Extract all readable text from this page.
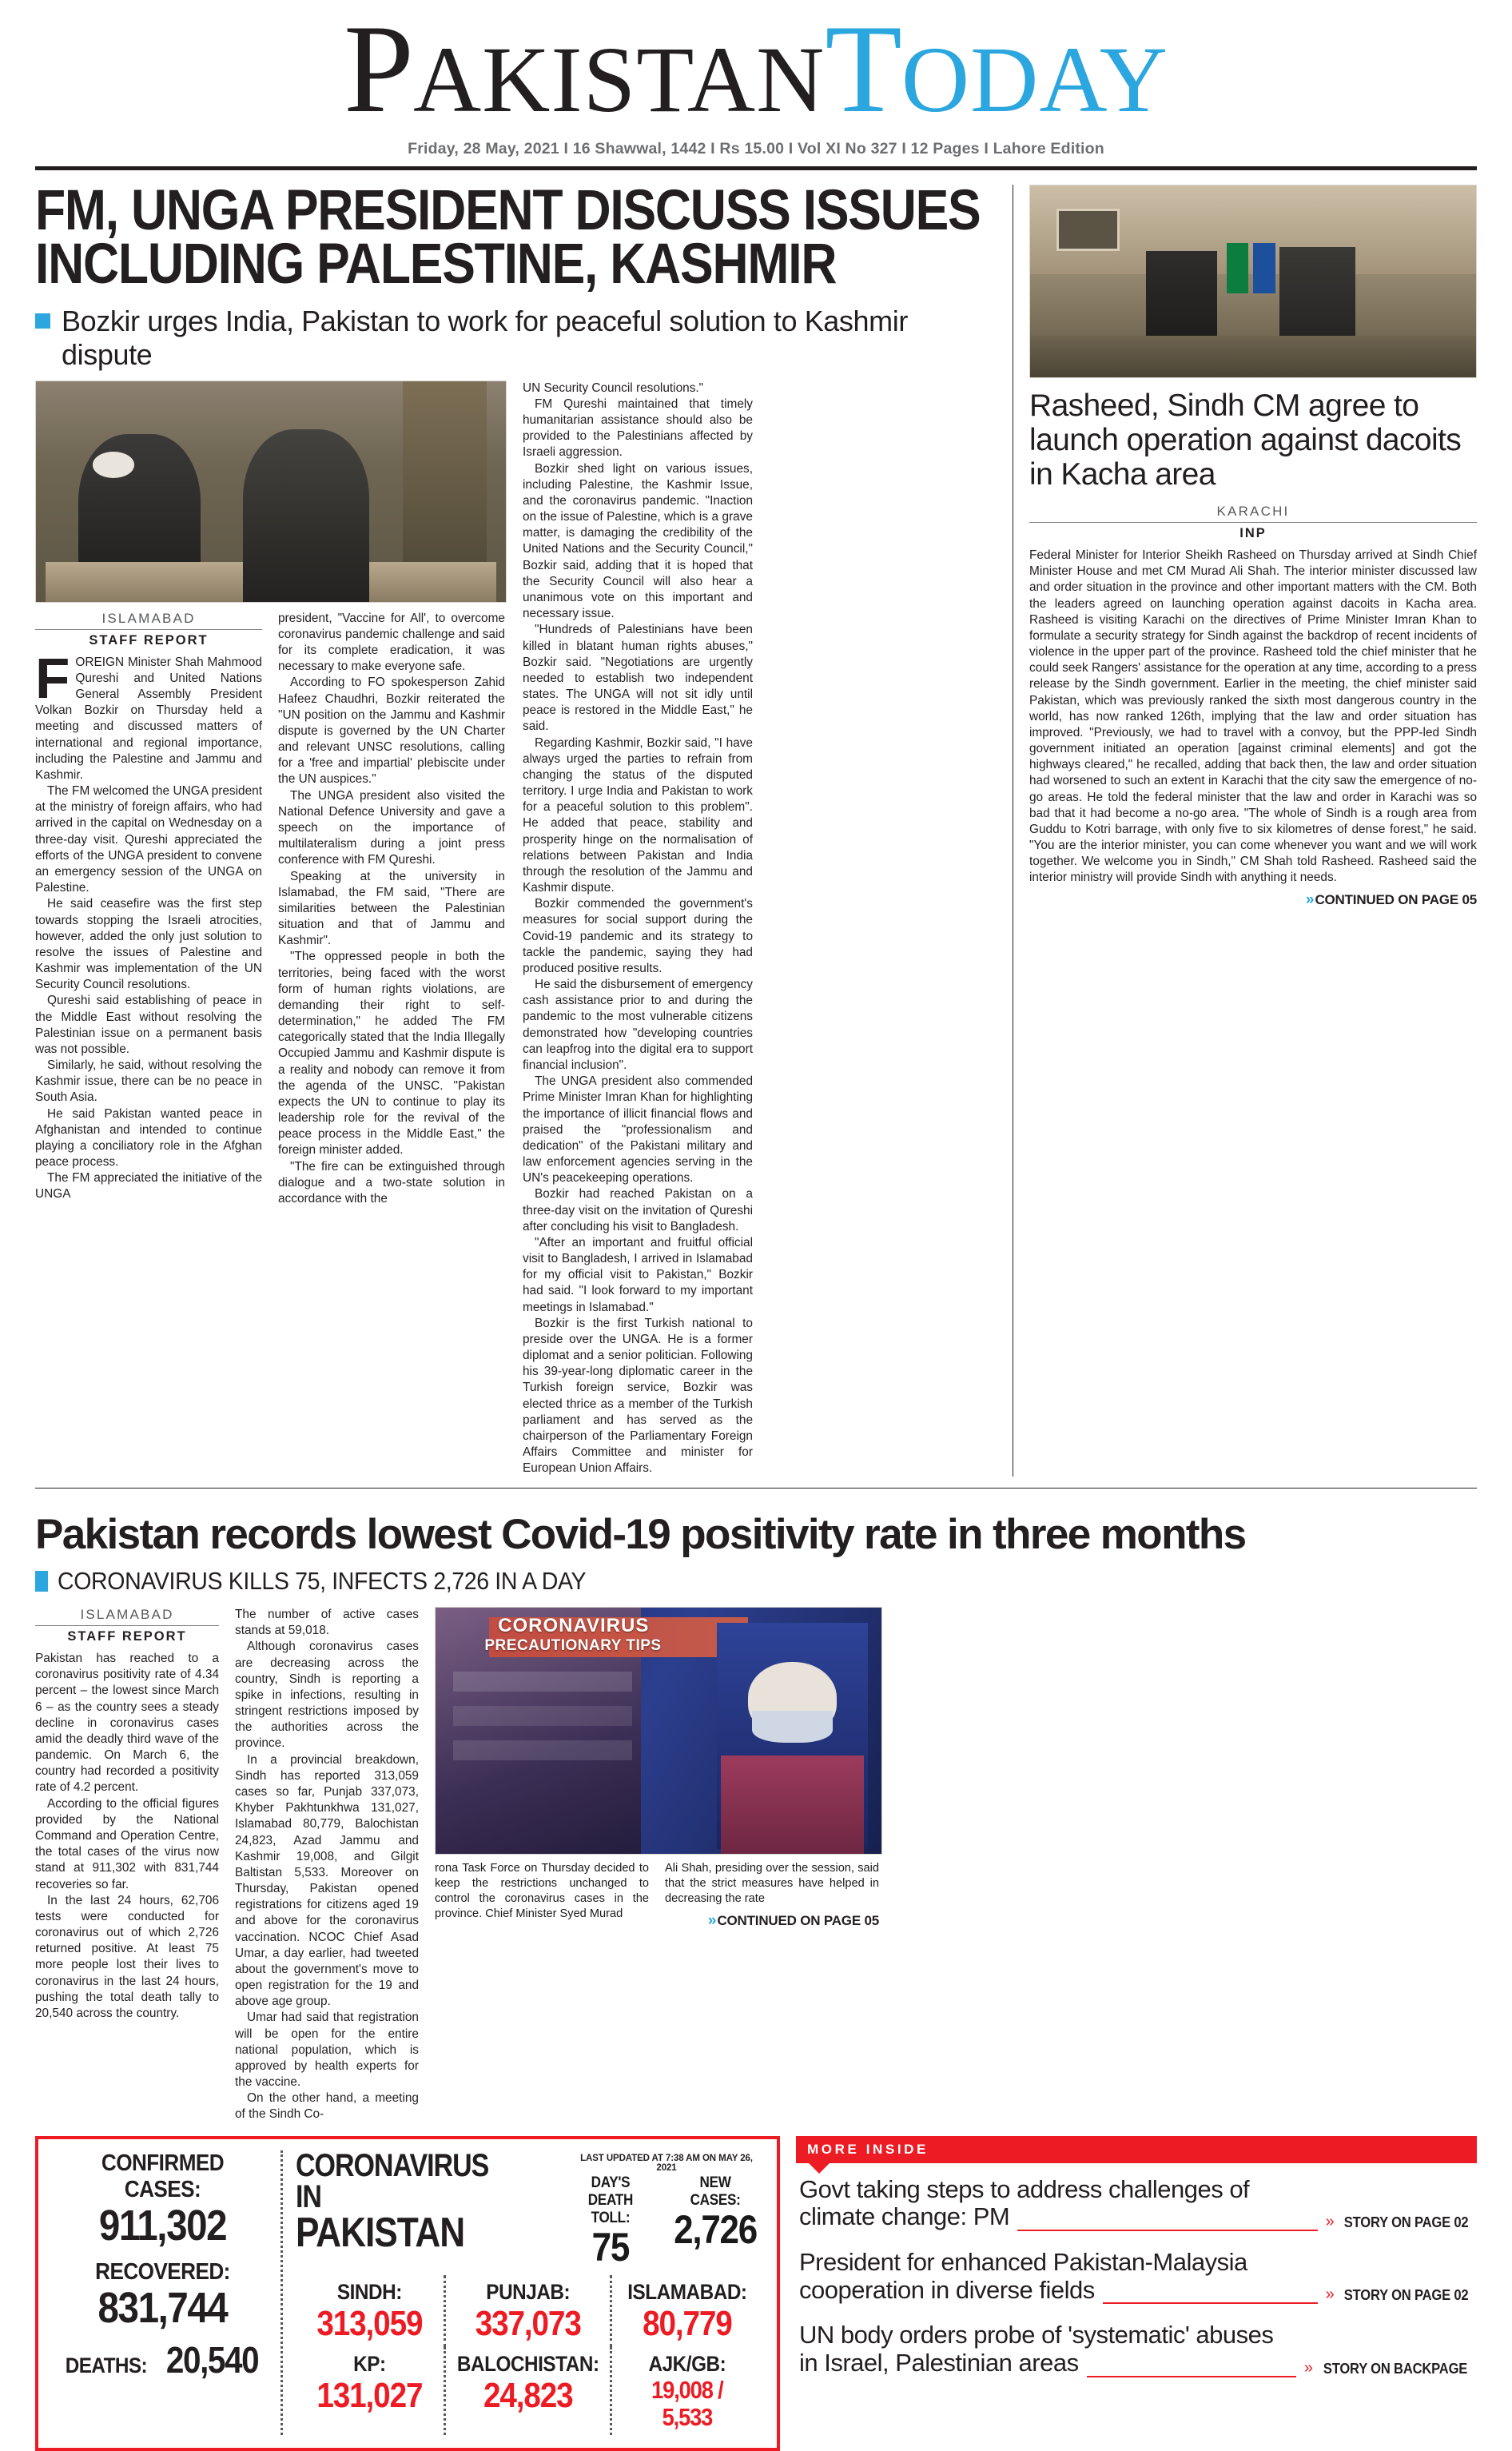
PAKISTANTODAY
Friday, 28 May, 2021 I 16 Shawwal, 1442 I Rs 15.00 I Vol XI No 327 I 12 Pages I Lahore Edition
FM, UNGA PRESIDENT DISCUSS ISSUES INCLUDING PALESTINE, KASHMIR
Bozkir urges India, Pakistan to work for peaceful solution to Kashmir dispute
ISLAMABAD
STAFF REPORT

FOREIGN Minister Shah Mahmood Qureshi and United Nations General Assembly President Volkan Bozkir on Thursday held a meeting and discussed matters of international and regional importance, including the Palestine and Jammu and Kashmir.

The FM welcomed the UNGA president at the ministry of foreign affairs, who had arrived in the capital on Wednesday on a three-day visit. Qureshi appreciated the efforts of the UNGA president to convene an emergency session of the UNGA on Palestine.

He said ceasefire was the first step towards stopping the Israeli atrocities, however, added the only just solution to resolve the issues of Palestine and Kashmir was implementation of the UN Security Council resolutions.

Qureshi said establishing of peace in the Middle East without resolving the Palestinian issue on a permanent basis was not possible.

Similarly, he said, without resolving the Kashmir issue, there can be no peace in South Asia.

He said Pakistan wanted peace in Afghanistan and intended to continue playing a conciliatory role in the Afghan peace process.

The FM appreciated the initiative of the UNGA

president, "Vaccine for All', to overcome coronavirus pandemic challenge and said for its complete eradication, it was necessary to make everyone safe.

According to FO spokesperson Zahid Hafeez Chaudhri, Bozkir reiterated the "UN position on the Jammu and Kashmir dispute is governed by the UN Charter and relevant UNSC resolutions, calling for a 'free and impartial' plebiscite under the UN auspices."

The UNGA president also visited the National Defence University and gave a speech on the importance of multilateralism during a joint press conference with FM Qureshi.

Speaking at the university in Islamabad, the FM said, "There are similarities between the Palestinian situation and that of Jammu and Kashmir".

"The oppressed people in both the territories, being faced with the worst form of human rights violations, are demanding their right to self-determination," he added The FM categorically stated that the India Illegally Occupied Jammu and Kashmir dispute is a reality and nobody can remove it from the agenda of the UNSC. "Pakistan expects the UN to continue to play its leadership role for the revival of the peace process in the Middle East," the foreign minister added.

"The fire can be extinguished through dialogue and a two-state solution in accordance with the

UN Security Council resolutions."

FM Qureshi maintained that timely humanitarian assistance should also be provided to the Palestinians affected by Israeli aggression.

Bozkir shed light on various issues, including Palestine, the Kashmir Issue, and the coronavirus pandemic. "Inaction on the issue of Palestine, which is a grave matter, is damaging the credibility of the United Nations and the Security Council," Bozkir said, adding that it is hoped that the Security Council will also hear a unanimous vote on this important and necessary issue.

"Hundreds of Palestinians have been killed in blatant human rights abuses," Bozkir said. "Negotiations are urgently needed to establish two independent states. The UNGA will not sit idly until peace is restored in the Middle East," he said.

Regarding Kashmir, Bozkir said, "I have always urged the parties to refrain from changing the status of the disputed territory. I urge India and Pakistan to work for a peaceful solution to this problem". He added that peace, stability and prosperity hinge on the normalisation of relations between Pakistan and India through the resolution of the Jammu and Kashmir dispute.

Bozkir commended the government's measures for social support during the Covid-19 pandemic and its strategy to tackle the pandemic, saying they had produced positive results.

He said the disbursement of emergency cash assistance prior to and during the pandemic to the most vulnerable citizens demonstrated how "developing countries can leapfrog into the digital era to support financial inclusion".

The UNGA president also commended Prime Minister Imran Khan for highlighting the importance of illicit financial flows and praised the "professionalism and dedication" of the Pakistani military and law enforcement agencies serving in the UN's peacekeeping operations.

Bozkir had reached Pakistan on a three-day visit on the invitation of Qureshi after concluding his visit to Bangladesh.

"After an important and fruitful official visit to Bangladesh, I arrived in Islamabad for my official visit to Pakistan," Bozkir had said. "I look forward to my important meetings in Islamabad."

Bozkir is the first Turkish national to preside over the UNGA. He is a former diplomat and a senior politician. Following his 39-year-long diplomatic career in the Turkish foreign service, Bozkir was elected thrice as a member of the Turkish parliament and has served as the chairperson of the Parliamentary Foreign Affairs Committee and minister for European Union Affairs.

Rasheed, Sindh CM agree to launch operation against dacoits in Kacha area
KARACHI
INP

Federal Minister for Interior Sheikh Rasheed on Thursday arrived at Sindh Chief Minister House and met CM Murad Ali Shah. The interior minister discussed law and order situation in the province and other important matters with the CM. Both the leaders agreed on launching operation against dacoits in Kacha area. Rasheed is visiting Karachi on the directives of Prime Minister Imran Khan to formulate a security strategy for Sindh against the backdrop of recent incidents of violence in the upper part of the province. Rasheed told the chief minister that he could seek Rangers' assistance for the operation at any time, according to a press release by the Sindh government. Earlier in the meeting, the chief minister said Pakistan, which was previously ranked the sixth most dangerous country in the world, has now ranked 126th, implying that the law and order situation has improved. "Previously, we had to travel with a convoy, but the PPP-led Sindh government initiated an operation [against criminal elements] and got the highways cleared," he recalled, adding that back then, the law and order situation had worsened to such an extent in Karachi that the city saw the emergence of no-go areas. He told the federal minister that the law and order in Karachi was so bad that it had become a no-go area. "The whole of Sindh is a rough area from Guddu to Kotri barrage, with only five to six kilometres of dense forest," he said. "You are the interior minister, you can come whenever you want and we will work together. We welcome you in Sindh," CM Shah told Rasheed. Rasheed said the interior ministry will provide Sindh with anything it needs.

» CONTINUED ON PAGE 05
Pakistan records lowest Covid-19 positivity rate in three months
CORONAVIRUS KILLS 75, INFECTS 2,726 IN A DAY
ISLAMABAD
STAFF REPORT

Pakistan has reached to a coronavirus positivity rate of 4.34 percent – the lowest since March 6 – as the country sees a steady decline in coronavirus cases amid the deadly third wave of the pandemic. On March 6, the country had recorded a positivity rate of 4.2 percent.

According to the official figures provided by the National Command and Operation Centre, the total cases of the virus now stand at 911,302 with 831,744 recoveries so far.

In the last 24 hours, 62,706 tests were conducted for coronavirus out of which 2,726 returned positive. At least 75 more people lost their lives to coronavirus in the last 24 hours, pushing the total death tally to 20,540 across the country.

The number of active cases stands at 59,018.

Although coronavirus cases are decreasing across the country, Sindh is reporting a spike in infections, resulting in stringent restrictions imposed by the authorities across the province.

In a provincial breakdown, Sindh has reported 313,059 cases so far, Punjab 337,073, Khyber Pakhtunkhwa 131,027, Islamabad 80,779, Balochistan 24,823, Azad Jammu and Kashmir 19,008, and Gilgit Baltistan 5,533. Moreover on Thursday, Pakistan opened registrations for citizens aged 19 and above for the coronavirus vaccination. NCOC Chief Asad Umar, a day earlier, had tweeted about the government's move to open registration for the 19 and above age group.

Umar had said that registration will be open for the entire national population, which is approved by health experts for the vaccine.

On the other hand, a meeting of the Sindh Co-

CORONAVIRUS
PRECAUTIONARY TIPS
rona Task Force on Thursday decided to keep the restrictions unchanged to control the coronavirus cases in the province. Chief Minister Syed Murad
Ali Shah, presiding over the session, said that the strict measures have helped in decreasing the rate
» CONTINUED ON PAGE 05
CONFIRMED CASES:
911,302
RECOVERED:
831,744
DEATHS: 20,540
CORONAVIRUS IN
PAKISTAN
LAST UPDATED AT 7:38 AM ON MAY 26, 2021
DAY'S DEATH TOLL:
75
NEW CASES:
2,726
SINDH:
313,059
PUNJAB:
337,073
ISLAMABAD:
80,779
KP:
131,027
BALOCHISTAN:
24,823
AJK/GB:
19,008 / 5,533
MORE INSIDE
Govt taking steps to address challenges of
climate change: PM	» STORY ON PAGE 02
President for enhanced Pakistan-Malaysia
cooperation in diverse fields	» STORY ON PAGE 02
UN body orders probe of 'systematic' abuses
in Israel, Palestinian areas	» STORY ON BACKPAGE
